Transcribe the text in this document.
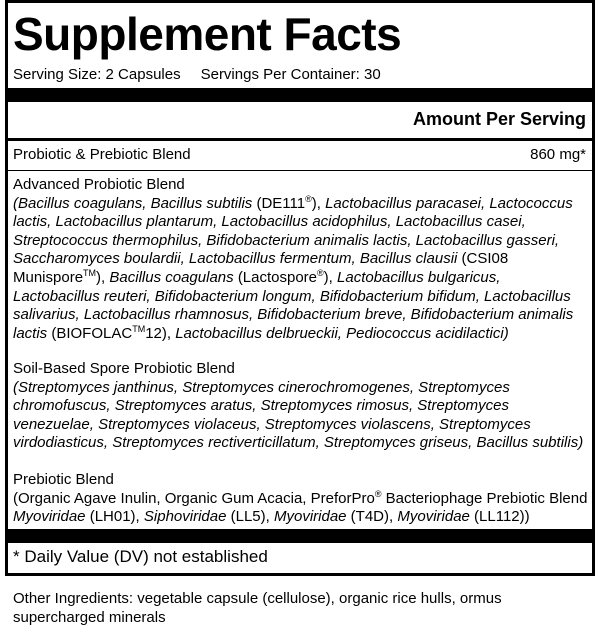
Supplement Facts
Serving Size: 2 Capsules Servings Per Container: 30
Amount Per Serving
Probiotic & Prebiotic Blend	860 mg*
Advanced Probiotic Blend
(Bacillus coagulans, Bacillus subtilis (DE111®), Lactobacillus paracasei, Lactococcus lactis, Lactobacillus plantarum, Lactobacillus acidophilus, Lactobacillus casei, Streptococcus thermophilus, Bifidobacterium animalis lactis, Lactobacillus gasseri, Saccharomyces boulardii, Lactobacillus fermentum, Bacillus clausii (CSI08 Munispore™), Bacillus coagulans (Lactospore®), Lactobacillus bulgaricus, Lactobacillus reuteri, Bifidobacterium longum, Bifidobacterium bifidum, Lactobacillus salivarius, Lactobacillus rhamnosus, Bifidobacterium breve, Bifidobacterium animalis lactis (BIOFOLAC™12), Lactobacillus delbrueckii, Pediococcus acidilactici)
Soil-Based Spore Probiotic Blend
(Streptomyces janthinus, Streptomyces cinerochromogenes, Streptomyces chromofuscus, Streptomyces aratus, Streptomyces rimosus, Streptomyces venezuelae, Streptomyces violaceus, Streptomyces violascens, Streptomyces virdodiasticus, Streptomyces rectiverticillatum, Streptomyces griseus, Bacillus subtilis)
Prebiotic Blend
(Organic Agave Inulin, Organic Gum Acacia, PreforPro® Bacteriophage Prebiotic Blend Myoviridae (LH01), Siphoviridae (LL5), Myoviridae (T4D), Myoviridae (LL112))
* Daily Value (DV) not established
Other Ingredients: vegetable capsule (cellulose), organic rice hulls, ormus supercharged minerals
